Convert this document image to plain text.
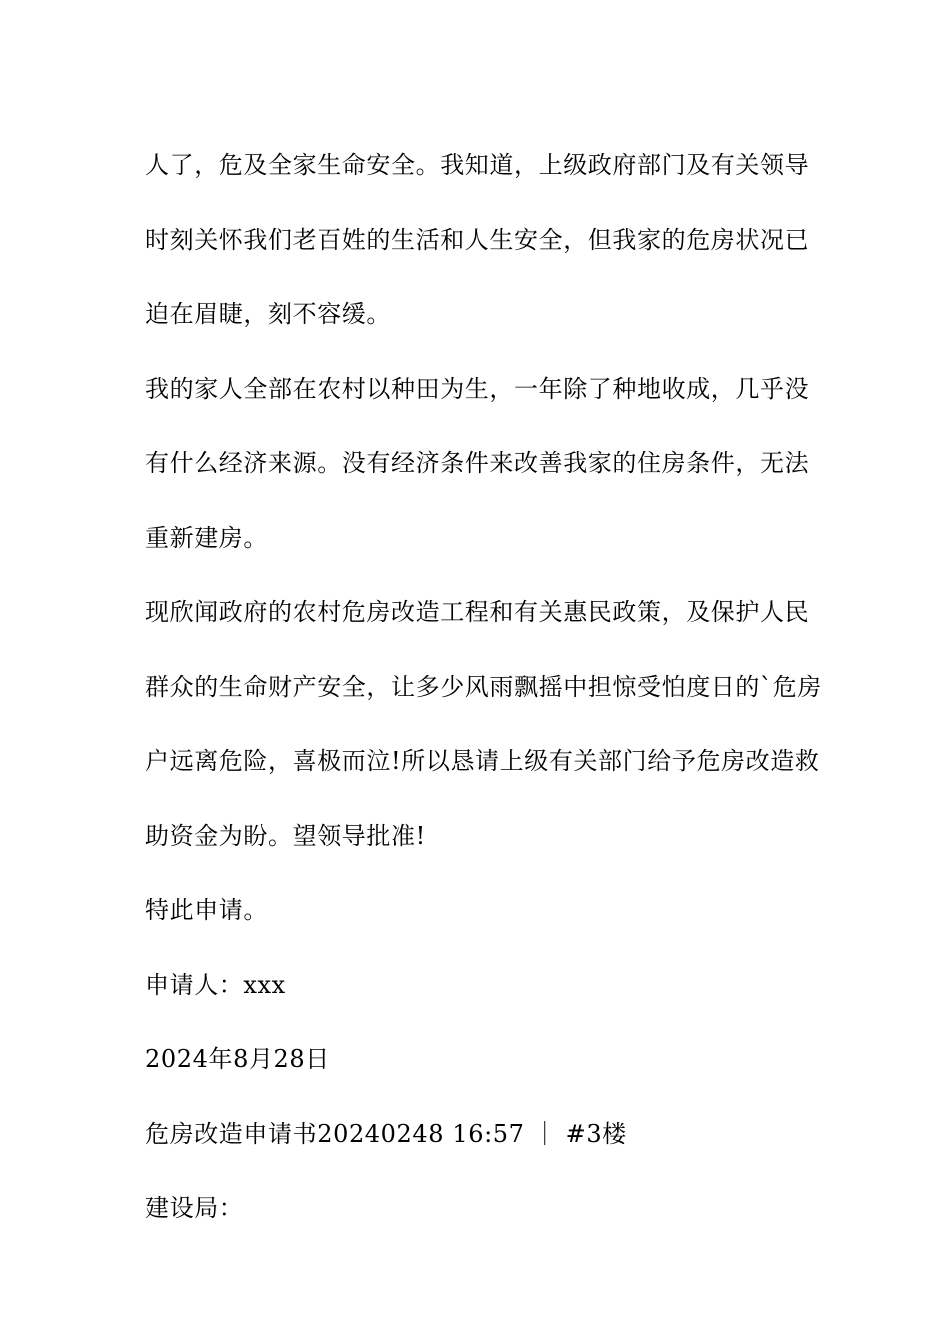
人了，危及全家生命安全。我知道，上级政府部门及有关领导
时刻关怀我们老百姓的生活和人生安全，但我家的危房状况已
迫在眉睫，刻不容缓。
我的家人全部在农村以种田为生，一年除了种地收成，几乎没
有什么经济来源。没有经济条件来改善我家的住房条件，无法
重新建房。
现欣闻政府的农村危房改造工程和有关惠民政策，及保护人民
群众的生命财产安全，让多少风雨飘摇中担惊受怕度日的`危房
户远离危险，喜极而泣!所以恳请上级有关部门给予危房改造救
助资金为盼。望领导批准!
特此申请。
申请人：xxx
2024年8月28日
危房改造申请书20240248 16:57 ｜ #3楼
建设局：
